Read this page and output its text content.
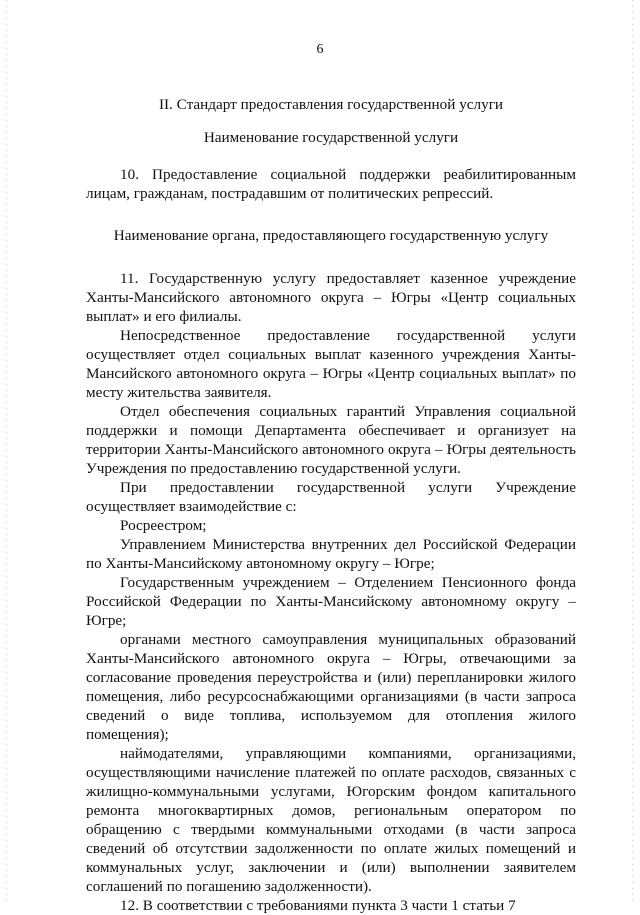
6
II. Стандарт предоставления государственной услуги
Наименование государственной услуги

10. Предоставление социальной поддержки реабилитированным лицам, гражданам, пострадавшим от политических репрессий.

Наименование органа, предоставляющего государственную услугу

11. Государственную услугу предоставляет казенное учреждение Ханты-Мансийского автономного округа – Югры «Центр социальных выплат» и его филиалы.

Непосредственное предоставление государственной услуги осуществляет отдел социальных выплат казенного учреждения Ханты-Мансийского автономного округа – Югры «Центр социальных выплат» по месту жительства заявителя.

Отдел обеспечения социальных гарантий Управления социальной поддержки и помощи Департамента обеспечивает и организует на территории Ханты-Мансийского автономного округа – Югры деятельность Учреждения по предоставлению государственной услуги.

При предоставлении государственной услуги Учреждение осуществляет взаимодействие с:

Росреестром;

Управлением Министерства внутренних дел Российской Федерации по Ханты-Мансийскому автономному округу – Югре;

Государственным учреждением – Отделением Пенсионного фонда Российской Федерации по Ханты-Мансийскому автономному округу – Югре;

органами местного самоуправления муниципальных образований Ханты-Мансийского автономного округа – Югры, отвечающими за согласование проведения переустройства и (или) перепланировки жилого помещения, либо ресурсоснабжающими организациями (в части запроса сведений о виде топлива, используемом для отопления жилого помещения);

наймодателями, управляющими компаниями, организациями, осуществляющими начисление платежей по оплате расходов, связанных с жилищно-коммунальными услугами, Югорским фондом капитального ремонта многоквартирных домов, региональным оператором по обращению с твердыми коммунальными отходами (в части запроса сведений об отсутствии задолженности по оплате жилых помещений и коммунальных услуг, заключении и (или) выполнении заявителем соглашений по погашению задолженности).

12. В соответствии с требованиями пункта 3 части 1 статьи 7
